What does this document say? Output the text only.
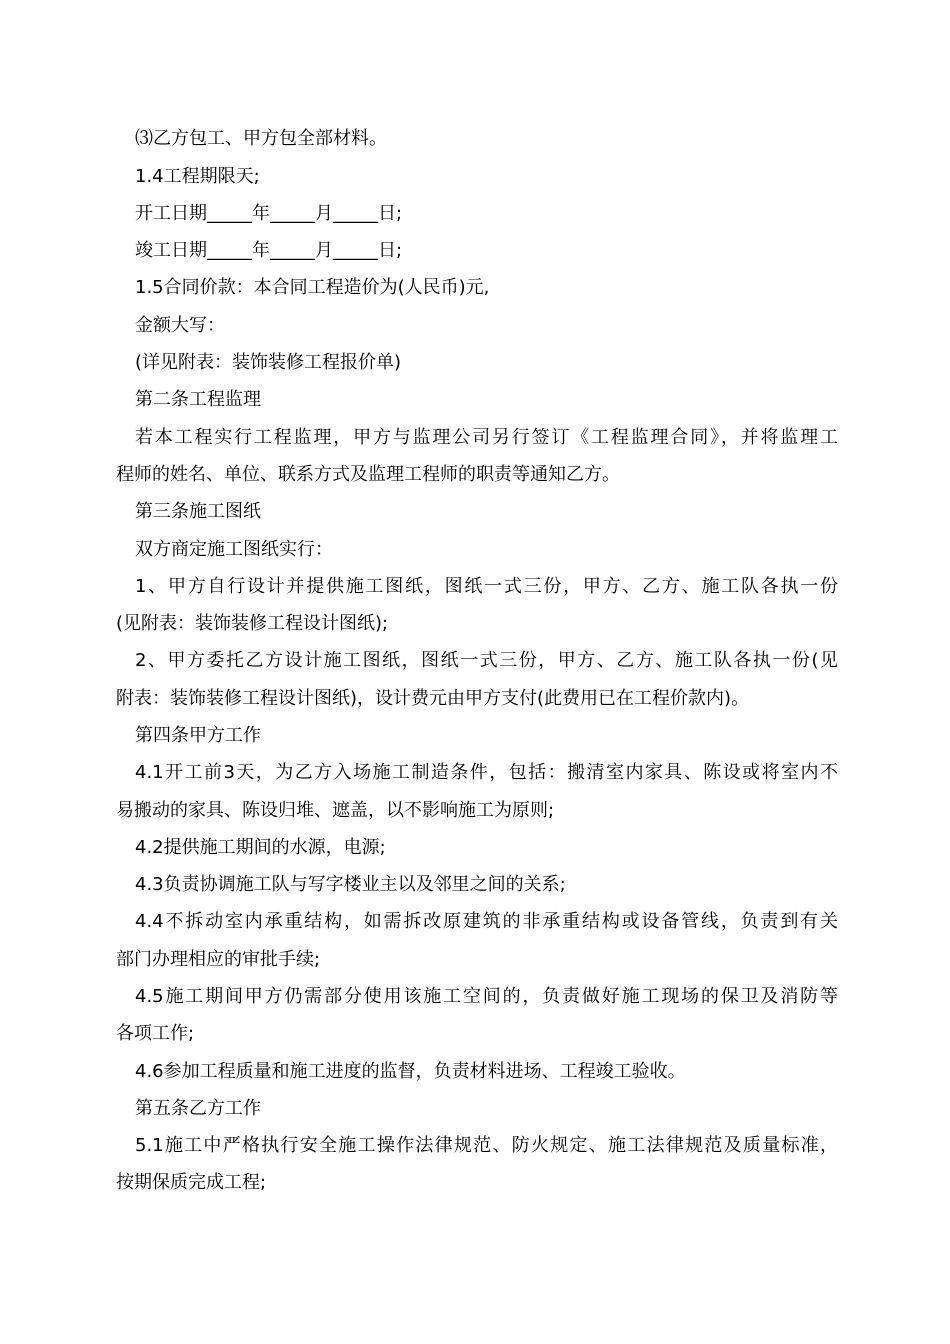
⑶乙方包工、甲方包全部材料。
1.4工程期限天;
开工日期_____年_____月_____日;
竣工日期_____年_____月_____日;
1.5合同价款：本合同工程造价为(人民币)元,
金额大写：
(详见附表：装饰装修工程报价单)
第二条工程监理
若本工程实行工程监理，甲方与监理公司另行签订《工程监理合同》，并将监理工
程师的姓名、单位、联系方式及监理工程师的职责等通知乙方。
第三条施工图纸
双方商定施工图纸实行：
1、甲方自行设计并提供施工图纸，图纸一式三份，甲方、乙方、施工队各执一份
(见附表：装饰装修工程设计图纸);
2、甲方委托乙方设计施工图纸，图纸一式三份，甲方、乙方、施工队各执一份(见
附表：装饰装修工程设计图纸)，设计费元由甲方支付(此费用已在工程价款内)。
第四条甲方工作
4.1开工前3天，为乙方入场施工制造条件，包括：搬清室内家具、陈设或将室内不
易搬动的家具、陈设归堆、遮盖，以不影响施工为原则;
4.2提供施工期间的水源，电源;
4.3负责协调施工队与写字楼业主以及邻里之间的关系;
4.4不拆动室内承重结构，如需拆改原建筑的非承重结构或设备管线，负责到有关
部门办理相应的审批手续;
4.5施工期间甲方仍需部分使用该施工空间的，负责做好施工现场的保卫及消防等
各项工作;
4.6参加工程质量和施工进度的监督，负责材料进场、工程竣工验收。
第五条乙方工作
5.1施工中严格执行安全施工操作法律规范、防火规定、施工法律规范及质量标准，
按期保质完成工程;
